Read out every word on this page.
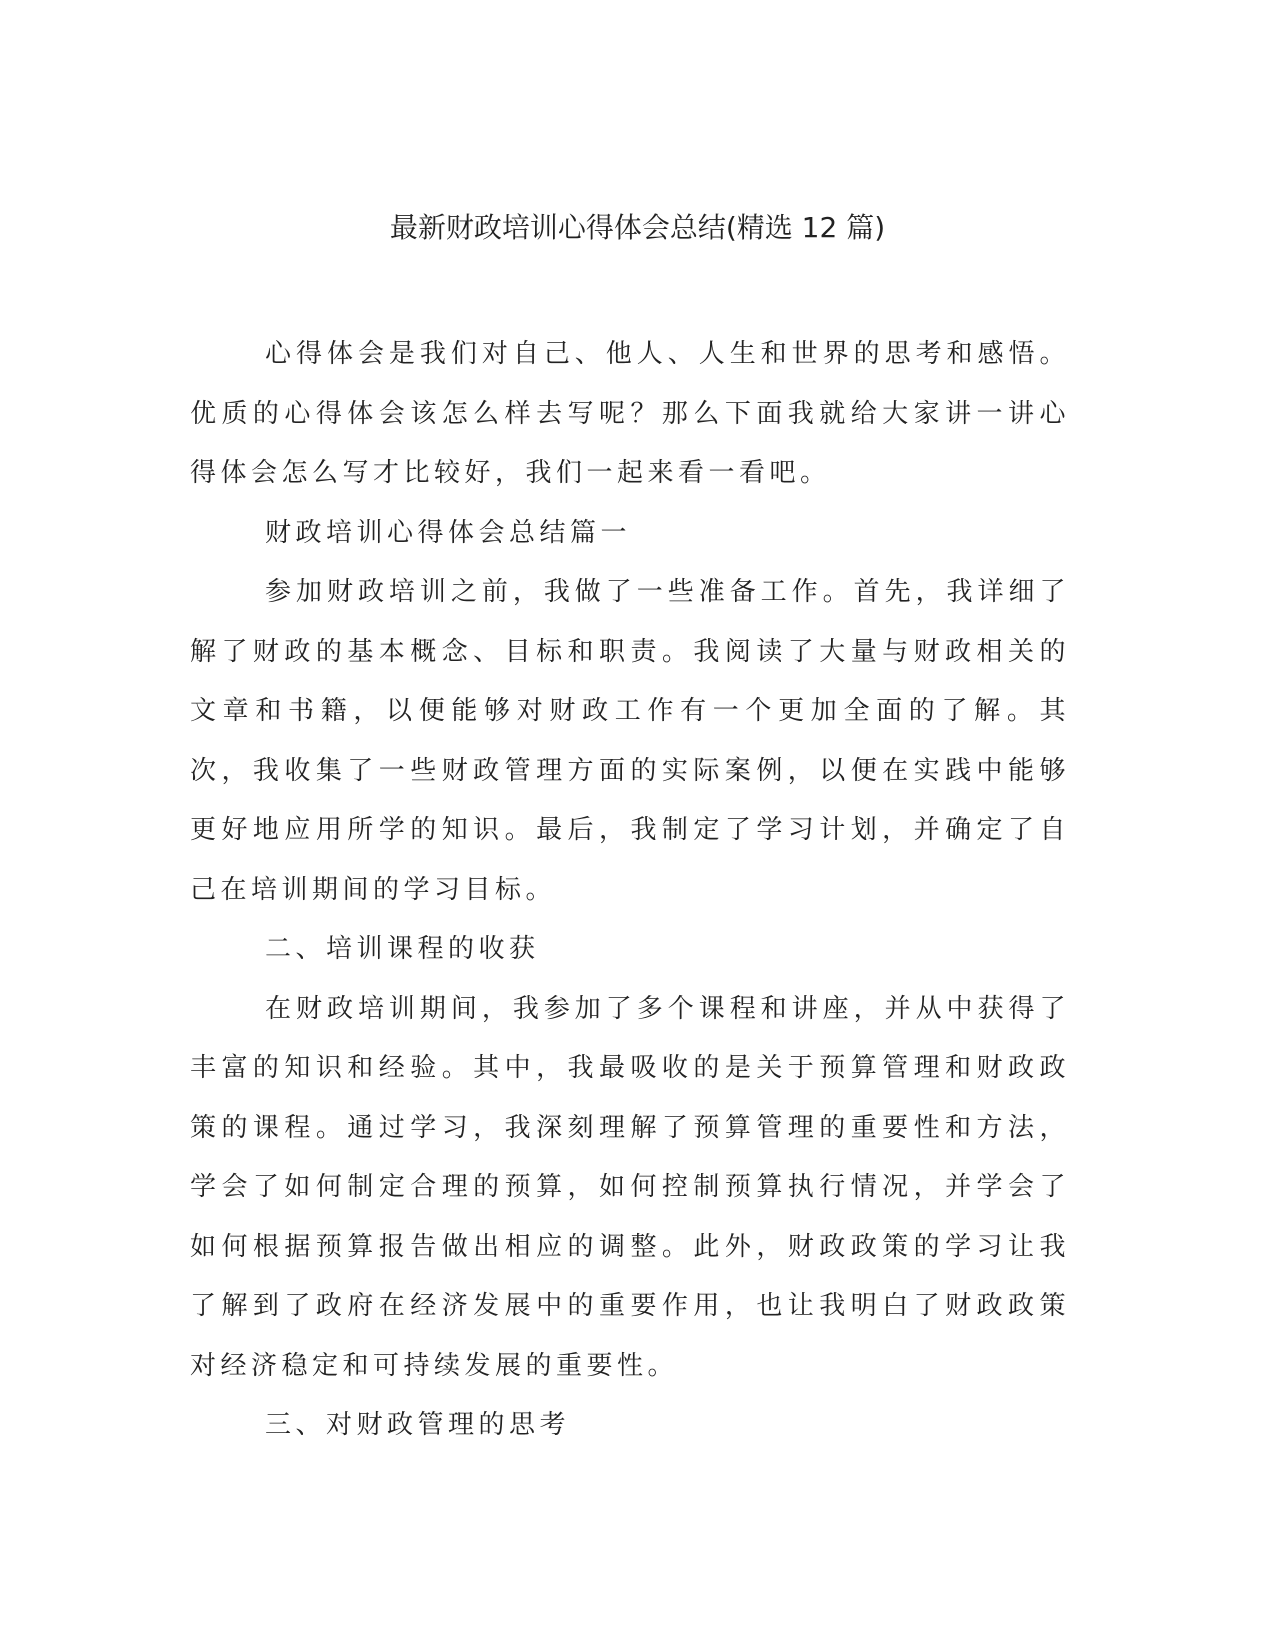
最新财政培训心得体会总结(精选 12 篇)

心得体会是我们对自己、他人、人生和世界的思考和感悟。优质的心得体会该怎么样去写呢？那么下面我就给大家讲一讲心得体会怎么写才比较好，我们一起来看一看吧。

财政培训心得体会总结篇一

参加财政培训之前，我做了一些准备工作。首先，我详细了解了财政的基本概念、目标和职责。我阅读了大量与财政相关的文章和书籍，以便能够对财政工作有一个更加全面的了解。其次，我收集了一些财政管理方面的实际案例，以便在实践中能够更好地应用所学的知识。最后，我制定了学习计划，并确定了自己在培训期间的学习目标。

二、培训课程的收获

在财政培训期间，我参加了多个课程和讲座，并从中获得了丰富的知识和经验。其中，我最吸收的是关于预算管理和财政政策的课程。通过学习，我深刻理解了预算管理的重要性和方法，学会了如何制定合理的预算，如何控制预算执行情况，并学会了如何根据预算报告做出相应的调整。此外，财政政策的学习让我了解到了政府在经济发展中的重要作用，也让我明白了财政政策对经济稳定和可持续发展的重要性。

三、对财政管理的思考
